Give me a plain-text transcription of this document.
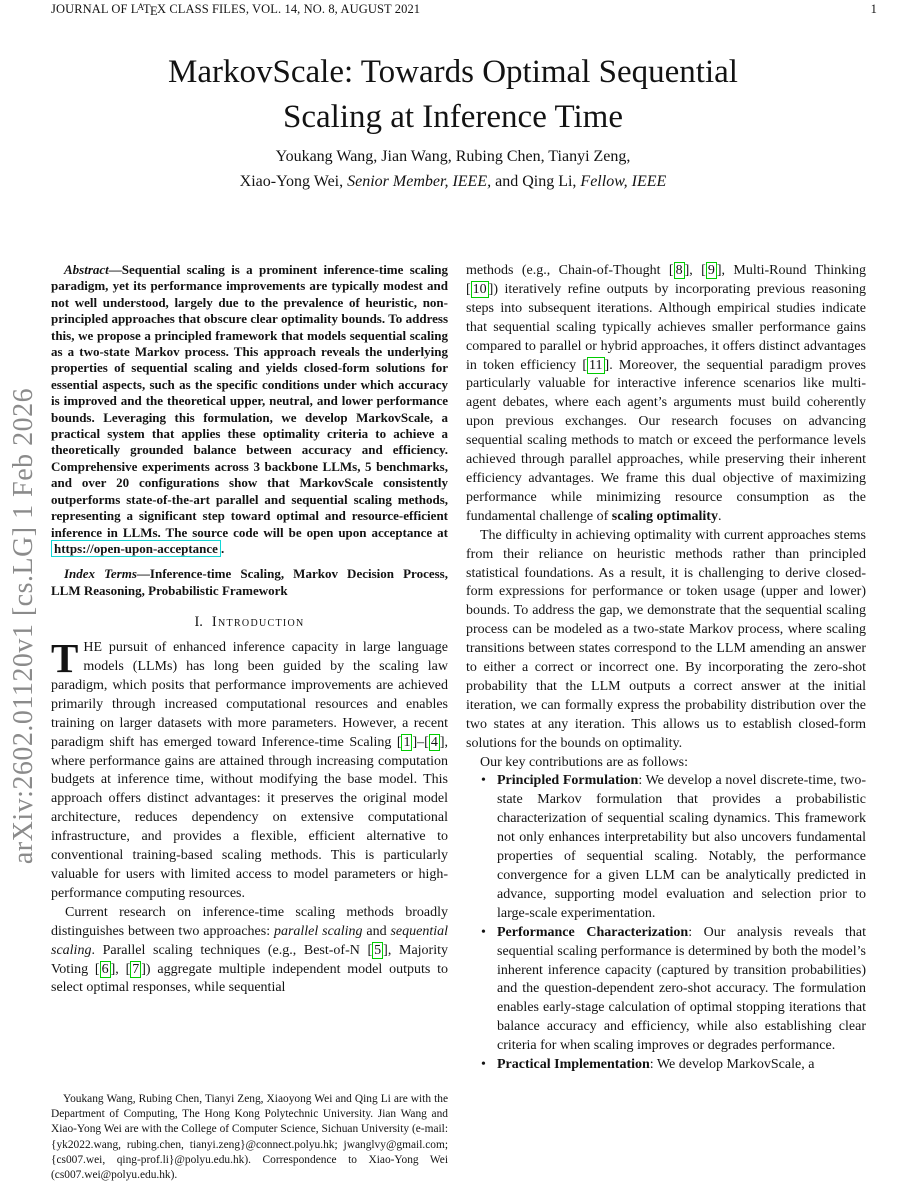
JOURNAL OF $L^ATEX$ CLASS FILES, VOL. 14, NO. 8, AUGUST 2021	1
MarkovScale: Towards Optimal Sequential
Scaling at Inference Time
Youkang Wang, Jian Wang, Rubing Chen, Tianyi Zeng,
Xiao-Yong Wei, Senior Member, IEEE, and Qing Li, Fellow, IEEE
arXiv:2602.01120v1 [cs.LG] 1 Feb 2026
Abstract—Sequential scaling is a prominent inference-time scaling paradigm, yet its performance improvements are typically modest and not well understood, largely due to the prevalence of heuristic, non-principled approaches that obscure clear optimality bounds. To address this, we propose a principled framework that models sequential scaling as a two-state Markov process. This approach reveals the underlying properties of sequential scaling and yields closed-form solutions for essential aspects, such as the specific conditions under which accuracy is improved and the theoretical upper, neutral, and lower performance bounds. Leveraging this formulation, we develop MarkovScale, a practical system that applies these optimality criteria to achieve a theoretically grounded balance between accuracy and efficiency. Comprehensive experiments across 3 backbone LLMs, 5 benchmarks, and over 20 configurations show that MarkovScale consistently outperforms state-of-the-art parallel and sequential scaling methods, representing a significant step toward optimal and resource-efficient inference in LLMs. The source code will be open upon acceptance at https://open-upon-acceptance .
Index Terms—Inference-time Scaling, Markov Decision Process, LLM Reasoning, Probabilistic Framework
I. Introduction
THE pursuit of enhanced inference capacity in large language models (LLMs) has long been guided by the scaling law paradigm, which posits that performance improvements are achieved primarily through increased computational resources and enables training on larger datasets with more parameters. However, a recent paradigm shift has emerged toward Inference-time Scaling [ 1 ]–[ 4 ], where performance gains are attained through increasing computation budgets at inference time, without modifying the base model. This approach offers distinct advantages: it preserves the original model architecture, reduces dependency on extensive computational infrastructure, and provides a flexible, efficient alternative to conventional training-based scaling methods. This is particularly valuable for users with limited access to model parameters or high-performance computing resources.
Current research on inference-time scaling methods broadly distinguishes between two approaches: parallel scaling and sequential scaling. Parallel scaling techniques (e.g., Best-of-N [ 5 ], Majority Voting [ 6 ], [ 7 ]) aggregate multiple independent model outputs to select optimal responses, while sequential
methods (e.g., Chain-of-Thought [ 8 ], [ 9 ], Multi-Round Thinking [ 10 ]) iteratively refine outputs by incorporating previous reasoning steps into subsequent iterations. Although empirical studies indicate that sequential scaling typically achieves smaller performance gains compared to parallel or hybrid approaches, it offers distinct advantages in token efficiency [ 11 ]. Moreover, the sequential paradigm proves particularly valuable for interactive inference scenarios like multi-agent debates, where each agent’s arguments must build coherently upon previous exchanges. Our research focuses on advancing sequential scaling methods to match or exceed the performance levels achieved through parallel approaches, while preserving their inherent efficiency advantages. We frame this dual objective of maximizing performance while minimizing resource consumption as the fundamental challenge of scaling optimality.
The difficulty in achieving optimality with current approaches stems from their reliance on heuristic methods rather than principled statistical foundations. As a result, it is challenging to derive closed-form expressions for performance or token usage (upper and lower) bounds. To address the gap, we demonstrate that the sequential scaling process can be modeled as a two-state Markov process, where scaling transitions between states correspond to the LLM amending an answer to either a correct or incorrect one. By incorporating the zero-shot probability that the LLM outputs a correct answer at the initial iteration, we can formally express the probability distribution over the two states at any iteration. This allows us to establish closed-form solutions for the bounds on optimality.
Our key contributions are as follows:
• Principled Formulation: We develop a novel discrete-time, two-state Markov formulation that provides a probabilistic characterization of sequential scaling dynamics. This framework not only enhances interpretability but also uncovers fundamental properties of sequential scaling. Notably, the performance convergence for a given LLM can be analytically predicted in advance, supporting model evaluation and selection prior to large-scale experimentation.
• Performance Characterization: Our analysis reveals that sequential scaling performance is determined by both the model’s inherent inference capacity (captured by transition probabilities) and the question-dependent zero-shot accuracy. The formulation enables early-stage calculation of optimal stopping iterations that balance accuracy and efficiency, while also establishing clear criteria for when scaling improves or degrades performance.
• Practical Implementation: We develop MarkovScale, a
Youkang Wang, Rubing Chen, Tianyi Zeng, Xiaoyong Wei and Qing Li are with the Department of Computing, The Hong Kong Polytechnic University. Jian Wang and Xiao-Yong Wei are with the College of Computer Science, Sichuan University (e-mail: {yk2022.wang, rubing.chen, tianyi.zeng}@connect.polyu.hk; jwanglvy@gmail.com; {cs007.wei, qing-prof.li}@polyu.edu.hk). Correspondence to Xiao-Yong Wei (cs007.wei@polyu.edu.hk).
